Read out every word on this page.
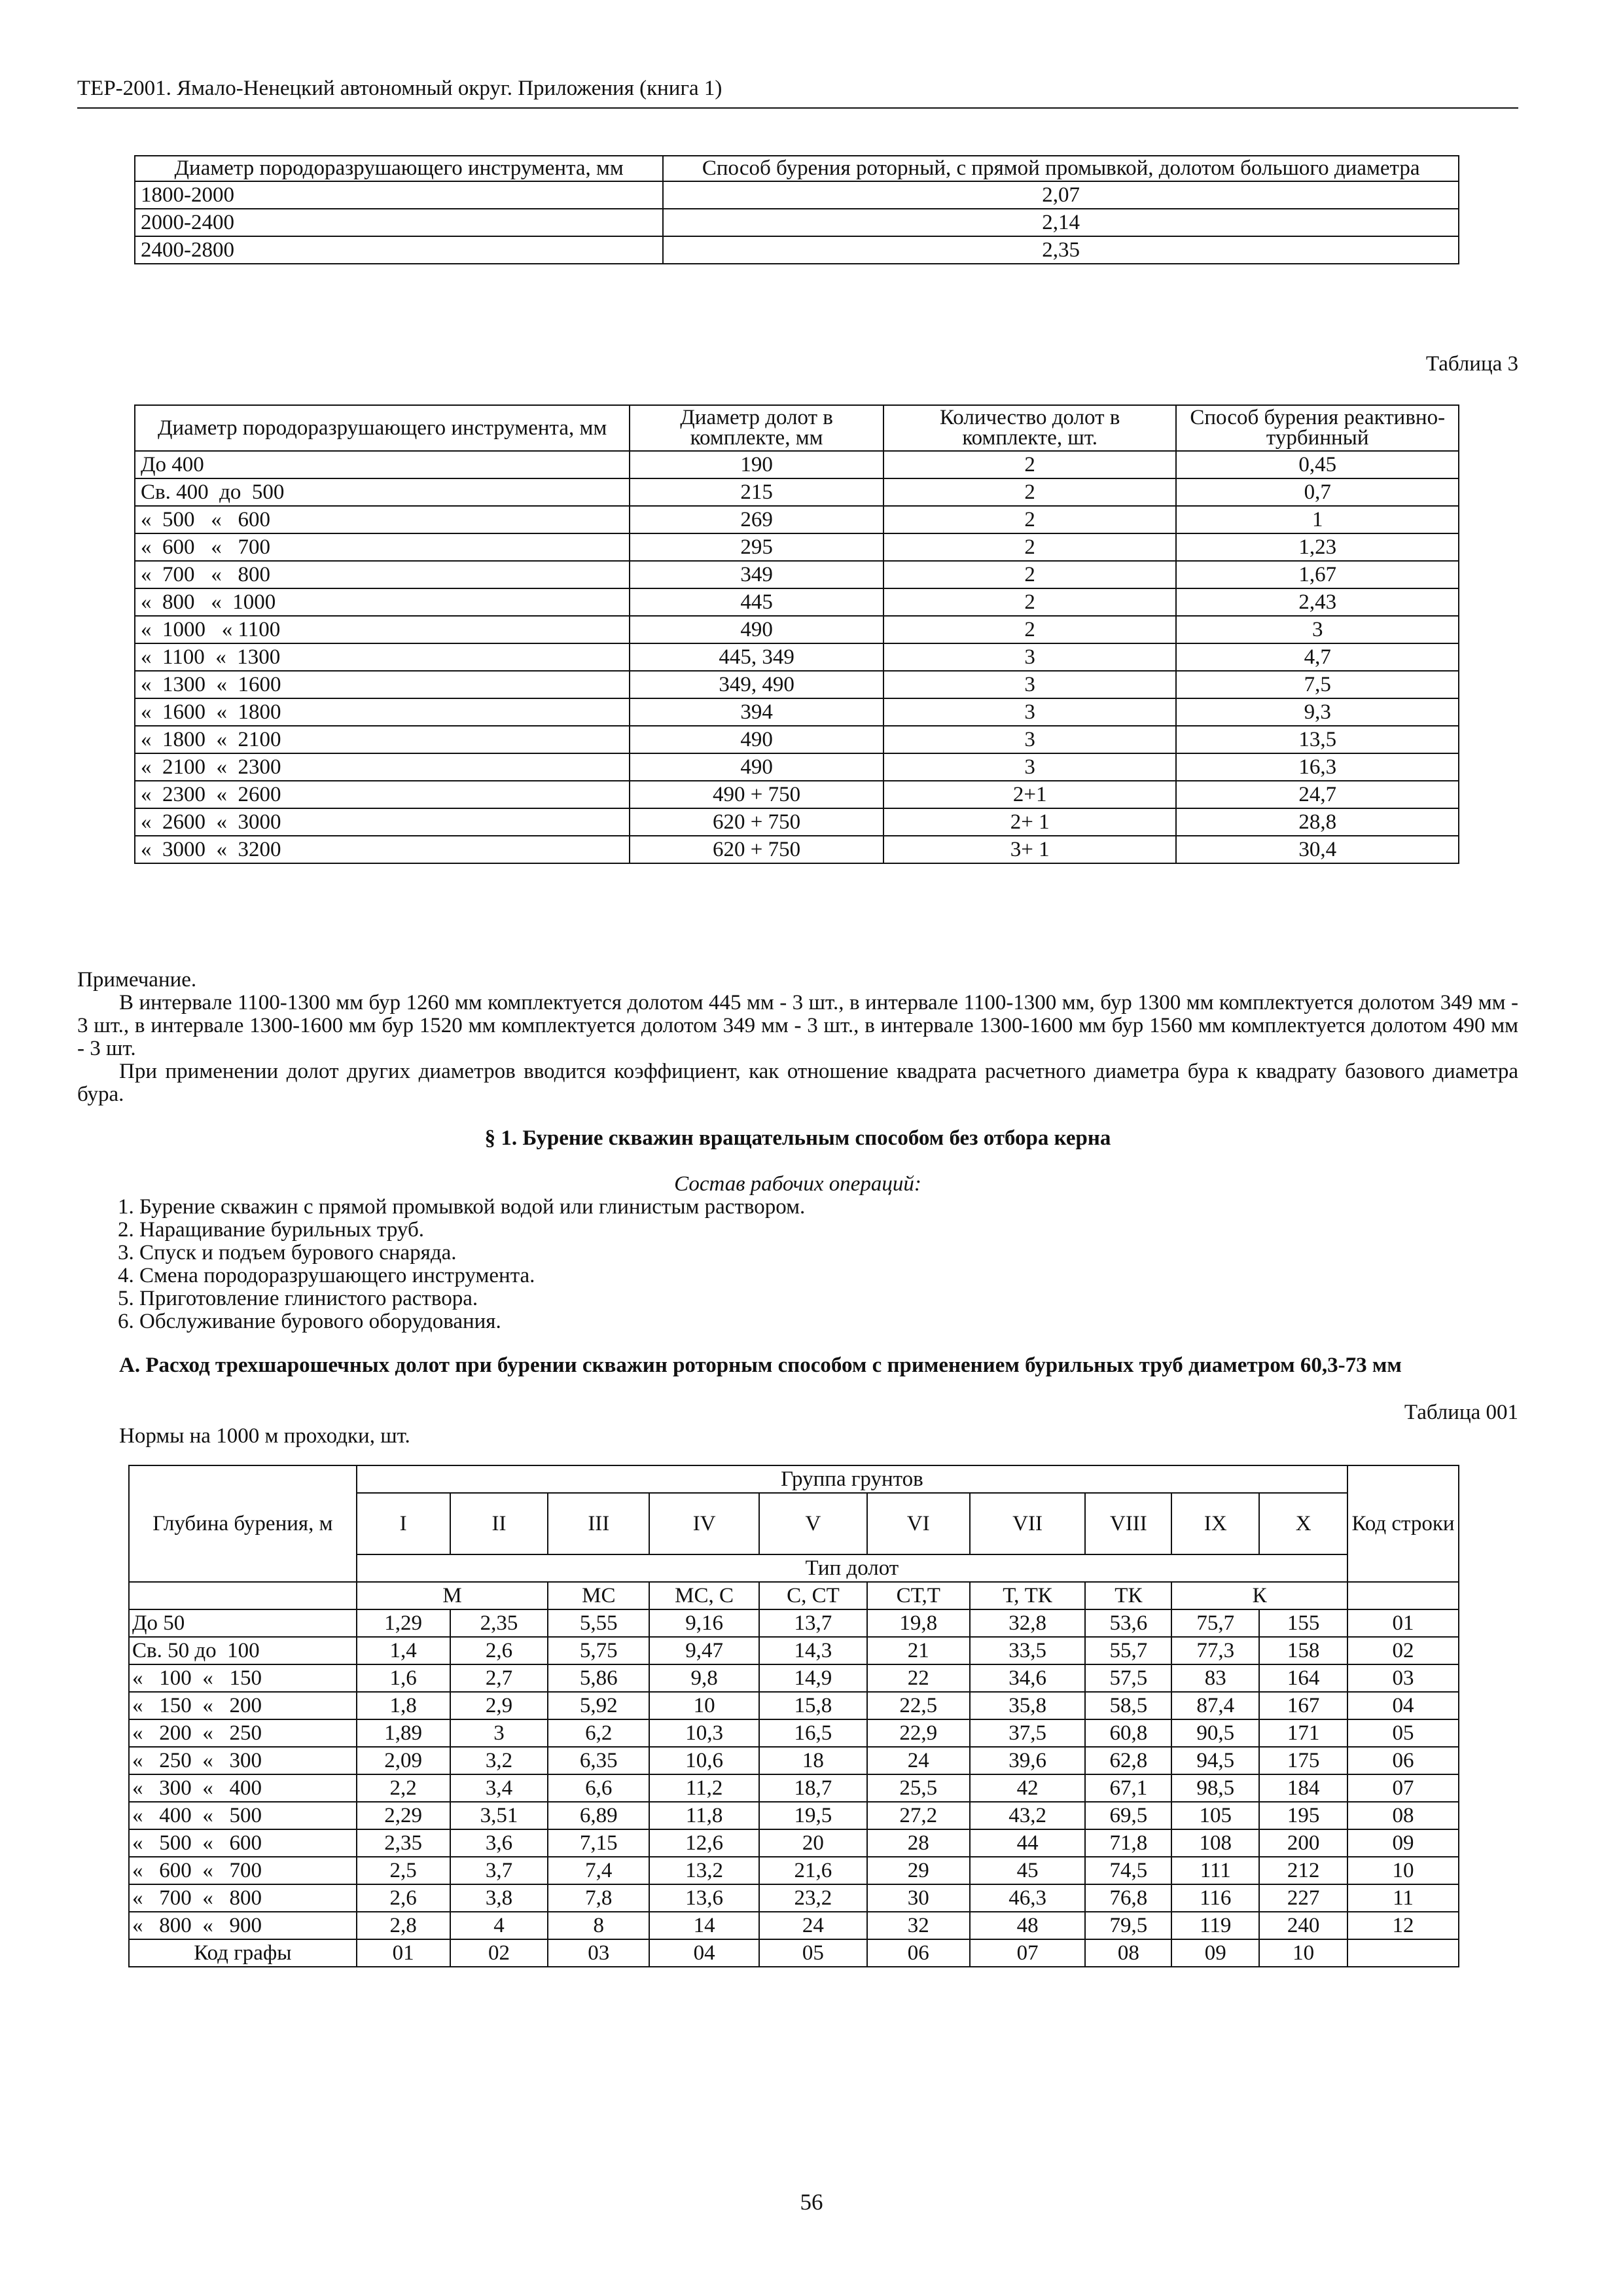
ТЕР-2001. Ямало-Ненецкий автономный округ. Приложения (книга 1)
Диаметр породоразрушающего инструмента, мм	Способ бурения роторный, с прямой промывкой, долотом большого диаметра
1800-2000	2,07
2000-2400	2,14
2400-2800	2,35
Таблица 3
Диаметр породоразрушающего инструмента, мм	Диаметр долот в комплекте, мм	Количество долот в комплекте, шт.	Способ бурения реактивно-турбинный
До 400	190	2	0,45
Св. 400  до  500	215	2	0,7
«  500   «   600	269	2	1
«  600   «   700	295	2	1,23
«  700   «   800	349	2	1,67
«  800   «  1000	445	2	2,43
«  1000   « 1100	490	2	3
«  1100  «  1300	445, 349	3	4,7
«  1300  «  1600	349, 490	3	7,5
«  1600  «  1800	394	3	9,3
«  1800  «  2100	490	3	13,5
«  2100  «  2300	490	3	16,3
«  2300  «  2600	490 + 750	2+1	24,7
«  2600  «  3000	620 + 750	2+ 1	28,8
«  3000  «  3200	620 + 750	3+ 1	30,4
Примечание.
В интервале 1100-1300 мм бур 1260 мм комплектуется долотом 445 мм - 3 шт., в интервале 1100-1300 мм, бур 1300 мм комплектуется долотом 349 мм - 3 шт., в интервале 1300-1600 мм бур 1520 мм комплектуется долотом 349 мм - 3 шт., в интервале 1300-1600 мм бур 1560 мм комплектуется долотом 490 мм - 3 шт.
При применении долот других диаметров вводится коэффициент, как отношение квадрата расчетного диаметра бура к квадрату базового диаметра бура.
§ 1. Бурение скважин вращательным способом без отбора керна
Состав рабочих операций:
1. Бурение скважин с прямой промывкой водой или глинистым раствором.
2. Наращивание бурильных труб.
3. Спуск и подъем бурового снаряда.
4. Смена породоразрушающего инструмента.
5. Приготовление глинистого раствора.
6. Обслуживание бурового оборудования.
А. Расход трехшарошечных долот при бурении скважин роторным способом с применением бурильных труб диаметром 60,3-73 мм
Таблица 001
Нормы на 1000 м проходки, шт.
Глубина бурения, м	Группа грунтов										Код строки
	I	II	III	IV	V	VI	VII	VIII	IX	X	
	Тип долот										
	М		МС	МС, С	С, СТ	СТ,Т	Т, ТК	ТК	К		
До 50	1,29	2,35	5,55	9,16	13,7	19,8	32,8	53,6	75,7	155	01
Св. 50 до  100	1,4	2,6	5,75	9,47	14,3	21	33,5	55,7	77,3	158	02
«   100  «   150	1,6	2,7	5,86	9,8	14,9	22	34,6	57,5	83	164	03
«   150  «   200	1,8	2,9	5,92	10	15,8	22,5	35,8	58,5	87,4	167	04
«   200  «   250	1,89	3	6,2	10,3	16,5	22,9	37,5	60,8	90,5	171	05
«   250  «   300	2,09	3,2	6,35	10,6	18	24	39,6	62,8	94,5	175	06
«   300  «   400	2,2	3,4	6,6	11,2	18,7	25,5	42	67,1	98,5	184	07
«   400  «   500	2,29	3,51	6,89	11,8	19,5	27,2	43,2	69,5	105	195	08
«   500  «   600	2,35	3,6	7,15	12,6	20	28	44	71,8	108	200	09
«   600  «   700	2,5	3,7	7,4	13,2	21,6	29	45	74,5	111	212	10
«   700  «   800	2,6	3,8	7,8	13,6	23,2	30	46,3	76,8	116	227	11
«   800  «   900	2,8	4	8	14	24	32	48	79,5	119	240	12
Код графы	01	02	03	04	05	06	07	08	09	10	
56
